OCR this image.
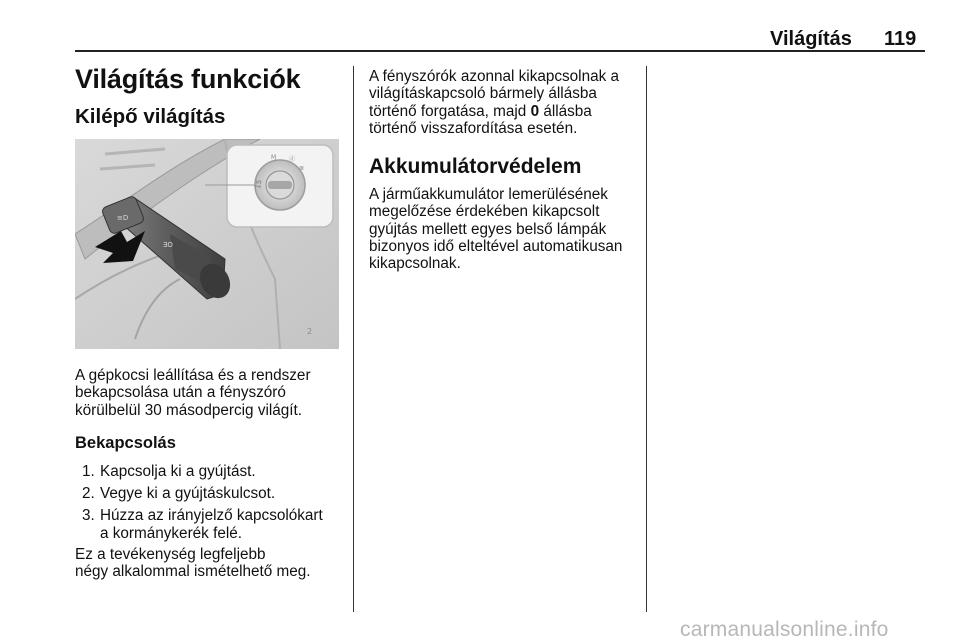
Világítás 119
Világítás funkciók
Kilépő világítás
≡D
ƎO
15
Ɱ ⓓ
≣
2

A gépkocsi leállítása és a rendszer
bekapcsolása után a fényszóró
körülbelül 30 másodpercig világít.

Bekapcsolás
1. Kapcsolja ki a gyújtást.
2. Vegye ki a gyújtáskulcsot.
3. Húzza az irányjelző kapcsolókart
a kormánykerék felé.

Ez a tevékenység legfeljebb
négy alkalommal ismételhető meg.

A fényszórók azonnal kikapcsolnak a
világításkapcsoló bármely állásba
történő forgatása, majd 0 állásba
történő visszafordítása esetén.

Akkumulátorvédelem

A járműakkumulátor lemerülésének
megelőzése érdekében kikapcsolt
gyújtás mellett egyes belső lámpák
bizonyos idő elteltével automatikusan
kikapcsolnak.

carmanualsonline.info
